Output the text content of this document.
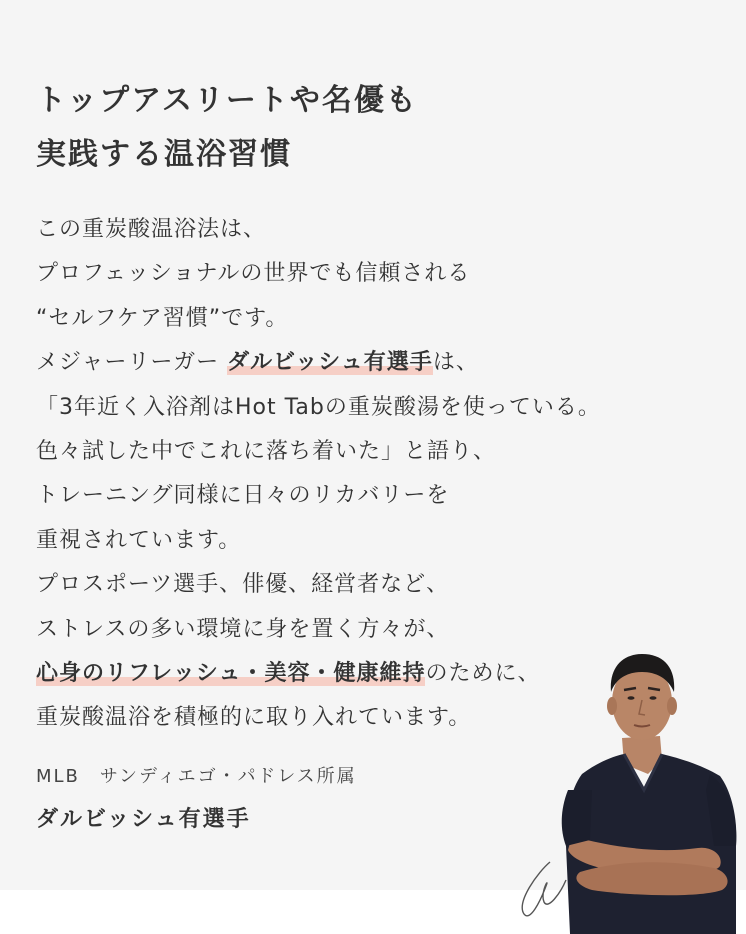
トップアスリートや名優も
実践する温浴習慣
この重炭酸温浴法は、
プロフェッショナルの世界でも信頼される
“セルフケア習慣”です。
メジャーリーガー ダルビッシュ有選手は、
「3年近く入浴剤はHot Tabの重炭酸湯を使っている。
色々試した中でこれに落ち着いた」と語り、
トレーニング同様に日々のリカバリーを
重視されています。
プロスポーツ選手、俳優、経営者など、
ストレスの多い環境に身を置く方々が、
心身のリフレッシュ・美容・健康維持のために、
重炭酸温浴を積極的に取り入れています。
MLB　サンディエゴ・パドレス所属
ダルビッシュ有選手
